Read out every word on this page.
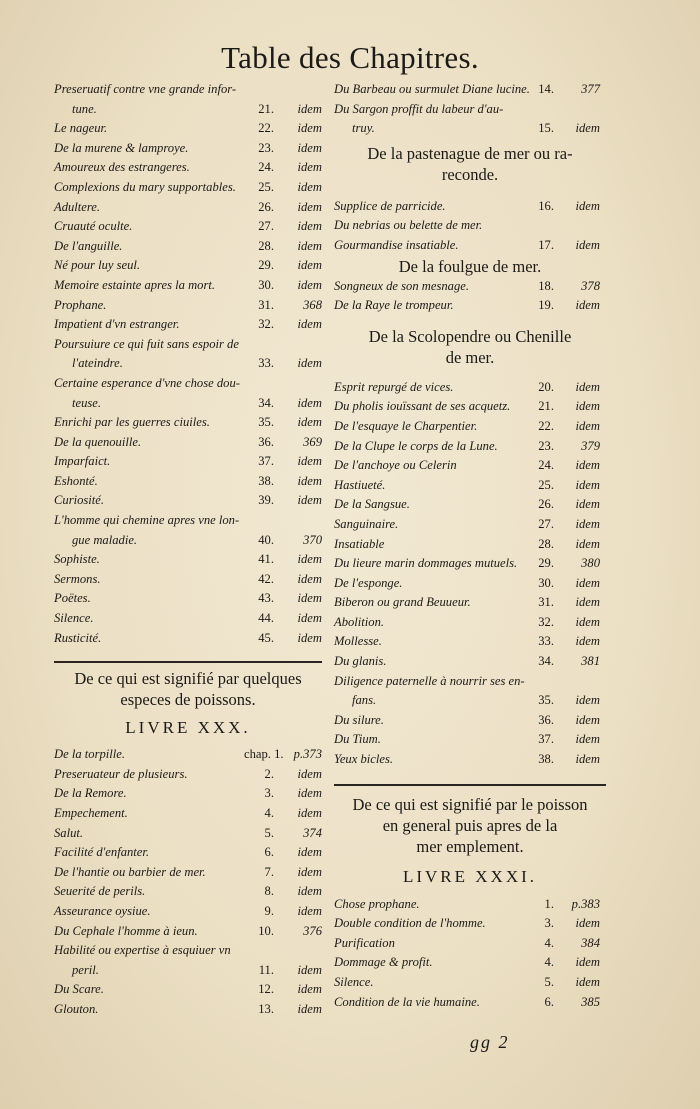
Table des Chapitres.
Preseruatif contre vne grande infor-
tune.	21.	idem
Le nageur.	22.	idem
De la murene & lamproye.	23.	idem
Amoureux des estrangeres.	24.	idem
Complexions du mary supportables.	25.	idem
Adultere.	26.	idem
Cruauté oculte.	27.	idem
De l'anguille.	28.	idem
Né pour luy seul.	29.	idem
Memoire estainte apres la mort.	30.	idem
Prophane.	31.	368
Impatient d'vn estranger.	32.	idem
Poursuiure ce qui fuit sans espoir de
l'ateindre.	33.	idem
Certaine esperance d'vne chose dou-
teuse.	34.	idem
Enrichi par les guerres ciuiles.	35.	idem
De la quenouille.	36.	369
Imparfaict.	37.	idem
Eshonté.	38.	idem
Curiosité.	39.	idem
L'homme qui chemine apres vne lon-
gue maladie.	40.	370
Sophiste.	41.	idem
Sermons.	42.	idem
Poëtes.	43.	idem
Silence.	44.	idem
Rusticité.	45.	idem
De ce qui est signifié par quelques
especes de poissons.
LIVRE XXX.
De la torpille.	chap. 1. p.373
Preseruateur de plusieurs.	2.	idem
De la Remore.	3.	idem
Empechement.	4.	idem
Salut.	5.	374
Facilité d'enfanter.	6.	idem
De l'hantie ou barbier de mer.	7.	idem
Seuerité de perils.	8.	idem
Asseurance oysiue.	9.	idem
Du Cephale l'homme à ieun.	10.	376
Habilité ou expertise à esquiuer vn
peril.	11.	idem
Du Scare.	12.	idem
Glouton.	13.	idem
Du Barbeau ou surmulet Diane lucine. 14.	377
Du Sargon proffit du labeur d'au-
truy.	15.	idem
De la pastenague de mer ou ra-
reconde.
Supplice de parricide.	16.	idem
Du nebrias ou belette de mer.
Gourmandise insatiable.	17.	idem
De la foulgue de mer.
Songneux de son mesnage.	18.	378
De la Raye le trompeur.	19.	idem
De la Scolopendre ou Chenille
de mer.
Esprit repurgé de vices.	20.	idem
Du pholis iouïssant de ses acquetz.	21.	idem
De l'esquaye le Charpentier.	22.	idem
De la Clupe le corps de la Lune.	23.	379
De l'anchoye ou Celerin	24.	idem
Hastiueté.	25.	idem
De la Sangsue.	26.	idem
Sanguinaire.	27.	idem
Insatiable	28.	idem
Du lieure marin dommages mutuels.	29.	380
De l'esponge.	30.	idem
Biberon ou grand Beuueur.	31.	idem
Abolition.	32.	idem
Mollesse.	33.	idem
Du glanis.	34.	381
Diligence paternelle à nourrir ses en-
fans.	35.	idem
Du silure.	36.	idem
Du Tium.	37.	idem
Yeux bicles.	38.	idem
De ce qui est signifié par le poisson
en general puis apres de la
mer emplement.
LIVRE XXXI.
Chose prophane.	1.	p.383
Double condition de l'homme.	3.	idem
Purification	4.	384
Dommage & profit.	4.	idem
Silence.	5.	idem
Condition de la vie humaine.	6.	385
gg 2
